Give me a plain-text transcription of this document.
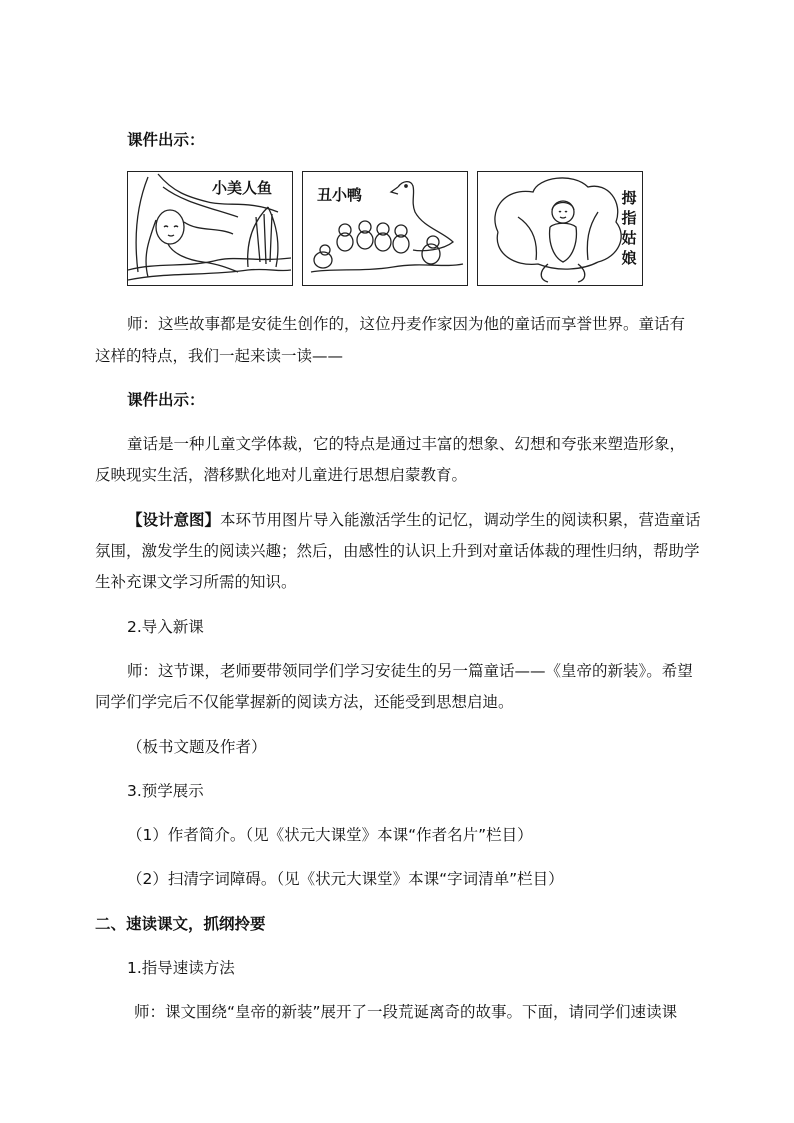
课件出示：
小美人鱼	丑小鸭	拇指姑娘
师：这些故事都是安徒生创作的，这位丹麦作家因为他的童话而享誉世界。童话有
这样的特点，我们一起来读一读——
课件出示：
童话是一种儿童文学体裁，它的特点是通过丰富的想象、幻想和夸张来塑造形象，
反映现实生活，潜移默化地对儿童进行思想启蒙教育。
【设计意图】本环节用图片导入能激活学生的记忆，调动学生的阅读积累，营造童话
氛围，激发学生的阅读兴趣；然后，由感性的认识上升到对童话体裁的理性归纳，帮助学
生补充课文学习所需的知识。
2.导入新课
师：这节课，老师要带领同学们学习安徒生的另一篇童话——《皇帝的新装》。希望
同学们学完后不仅能掌握新的阅读方法，还能受到思想启迪。
（板书文题及作者）
3.预学展示
（1）作者简介。（见《状元大课堂》本课“作者名片”栏目）
（2）扫清字词障碍。（见《状元大课堂》本课“字词清单”栏目）
二、速读课文，抓纲拎要
1.指导速读方法
师：课文围绕“皇帝的新装”展开了一段荒诞离奇的故事。下面，请同学们速读课
